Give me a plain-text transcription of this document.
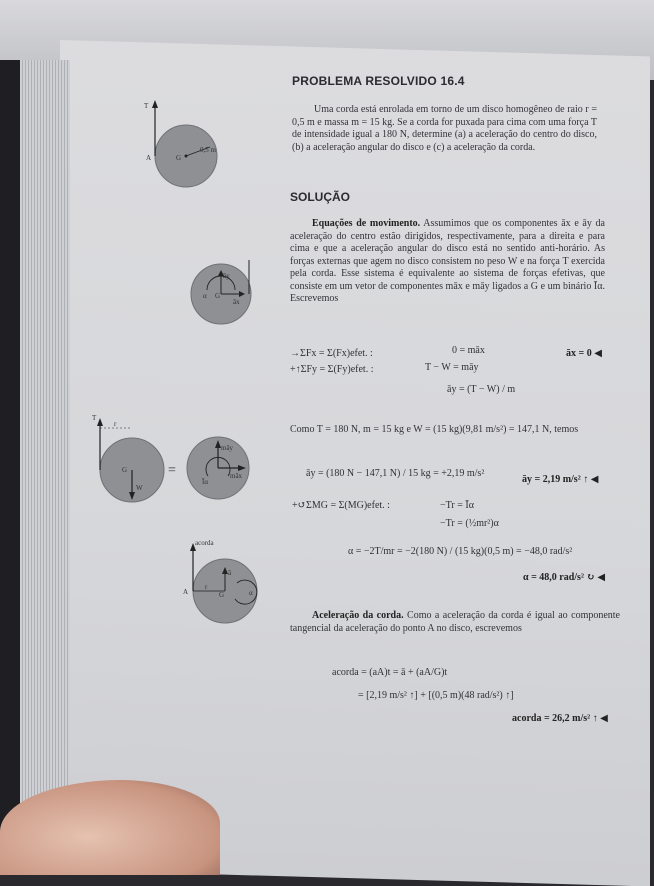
PROBLEMA RESOLVIDO 16.4
Uma corda está enrolada em torno de um disco homogêneo de raio r = 0,5 m e massa m = 15 kg. Se a corda for puxada para cima com uma força T de intensidade igual a 180 N, determine (a) a aceleração do centro do disco, (b) a aceleração angular do disco e (c) a aceleração da corda.
SOLUÇÃO
Equações de movimento. Assumimos que os componentes āx e āy da aceleração do centro estão dirigidos, respectivamente, para a direita e para cima e que a aceleração angular do disco está no sentido anti-horário. As forças externas que agem no disco consistem no peso W e na força T exercida pela corda. Esse sistema é equivalente ao sistema de forças efetivas, que consiste em um vetor de componentes māx e māy ligados a G e um binário Īα. Escrevemos
→ΣFx = Σ(Fx)efet. :	0 = māx	āx = 0 ◀
+↑ΣFy = Σ(Fy)efet. :	T − W = māy
āy = (T − W) / m
Como T = 180 N, m = 15 kg e W = (15 kg)(9,81 m/s²) = 147,1 N, temos
āy = (180 N − 147,1 N) / 15 kg = +2,19 m/s²
āy = 2,19 m/s² ↑ ◀
+↺ΣMG = Σ(MG)efet. :	−Tr = Īα
−Tr = (½mr²)α
α = −2T/mr = −2(180 N) / (15 kg)(0,5 m) = −48,0 rad/s²
α = 48,0 rad/s² ↻ ◀
Aceleração da corda. Como a aceleração da corda é igual ao componente tangencial da aceleração do ponto A no disco, escrevemos
acorda = (aA)t = ā + (aA/G)t
= [2,19 m/s² ↑] + [(0,5 m)(48 rad/s²) ↑]
acorda = 26,2 m/s² ↑ ◀
T
A	G
0,5 m
āy
āx
G
α
T
r
G
W
=
māy
māx
Īα
acorda
A
r
G
ā
α
